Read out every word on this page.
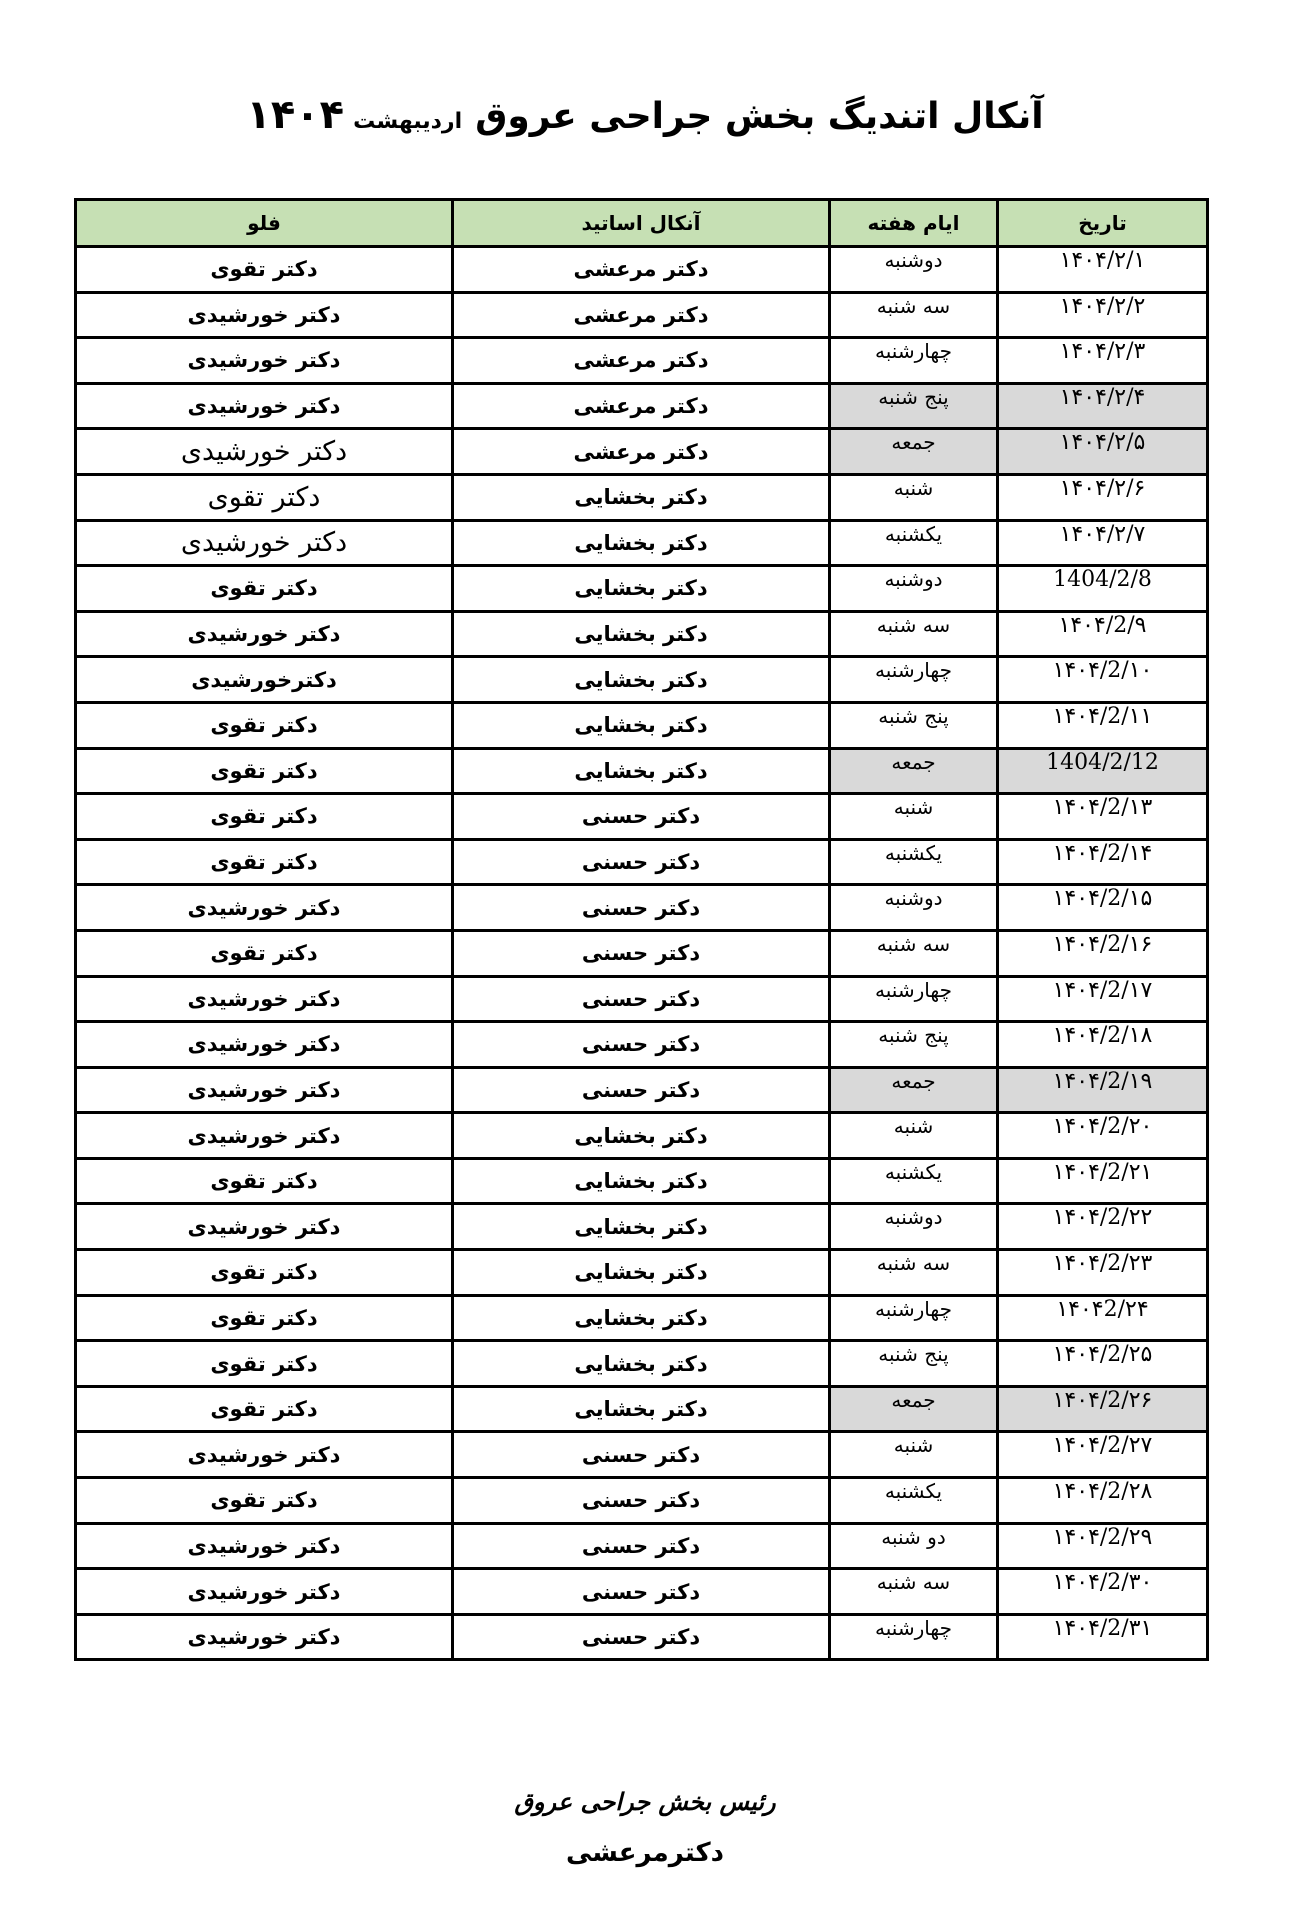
آنکال اتندیگ بخش جراحی عروق اردیبهشت ۱۴۰۴
تاریخ	ایام هفته	آنکال اساتید	فلو
۱۴۰۴/۲/۱	دوشنبه	دکتر مرعشی	دکتر تقوی
۱۴۰۴/۲/۲	سه شنبه	دکتر مرعشی	دکتر خورشیدی
۱۴۰۴/۲/۳	چهارشنبه	دکتر مرعشی	دکتر خورشیدی
۱۴۰۴/۲/۴	پنج شنبه	دکتر مرعشی	دکتر خورشیدی
۱۴۰۴/۲/۵	جمعه	دکتر مرعشی	دکتر خورشیدی
۱۴۰۴/۲/۶	شنبه	دکتر بخشایی	دکتر تقوی
۱۴۰۴/۲/۷	یکشنبه	دکتر بخشایی	دکتر خورشیدی
1404/2/8	دوشنبه	دکتر بخشایی	دکتر تقوی
۱۴۰۴/2/۹	سه شنبه	دکتر بخشایی	دکتر خورشیدی
۱۴۰۴/2/۱۰	چهارشنبه	دکتر بخشایی	دکترخورشیدی
۱۴۰۴/2/۱۱	پنج شنبه	دکتر بخشایی	دکتر تقوی
1404/2/12	جمعه	دکتر بخشایی	دکتر تقوی
۱۴۰۴/2/۱۳	شنبه	دکتر حسنی	دکتر تقوی
۱۴۰۴/2/۱۴	یکشنبه	دکتر حسنی	دکتر تقوی
۱۴۰۴/2/۱۵	دوشنبه	دکتر حسنی	دکتر خورشیدی
۱۴۰۴/2/۱۶	سه شنبه	دکتر حسنی	دکتر تقوی
۱۴۰۴/2/۱۷	چهارشنبه	دکتر حسنی	دکتر خورشیدی
۱۴۰۴/2/۱۸	پنج شنبه	دکتر حسنی	دکتر خورشیدی
۱۴۰۴/2/۱۹	جمعه	دکتر حسنی	دکتر خورشیدی
۱۴۰۴/2/۲۰	شنبه	دکتر بخشایی	دکتر خورشیدی
۱۴۰۴/2/۲۱	یکشنبه	دکتر بخشایی	دکتر تقوی
۱۴۰۴/2/۲۲	دوشنبه	دکتر بخشایی	دکتر خورشیدی
۱۴۰۴/2/۲۳	سه شنبه	دکتر بخشایی	دکتر تقوی
۱۴۰۴2/۲۴	چهارشنبه	دکتر بخشایی	دکتر تقوی
۱۴۰۴/2/۲۵	پنج شنبه	دکتر بخشایی	دکتر تقوی
۱۴۰۴/2/۲۶	جمعه	دکتر بخشایی	دکتر تقوی
۱۴۰۴/2/۲۷	شنبه	دکتر حسنی	دکتر خورشیدی
۱۴۰۴/2/۲۸	یکشنبه	دکتر حسنی	دکتر تقوی
۱۴۰۴/2/۲۹	دو شنبه	دکتر حسنی	دکتر خورشیدی
۱۴۰۴/2/۳۰	سه شنبه	دکتر حسنی	دکتر خورشیدی
۱۴۰۴/2/۳۱	چهارشنبه	دکتر حسنی	دکتر خورشیدی
رئیس بخش جراحی عروق
دکترمرعشی
